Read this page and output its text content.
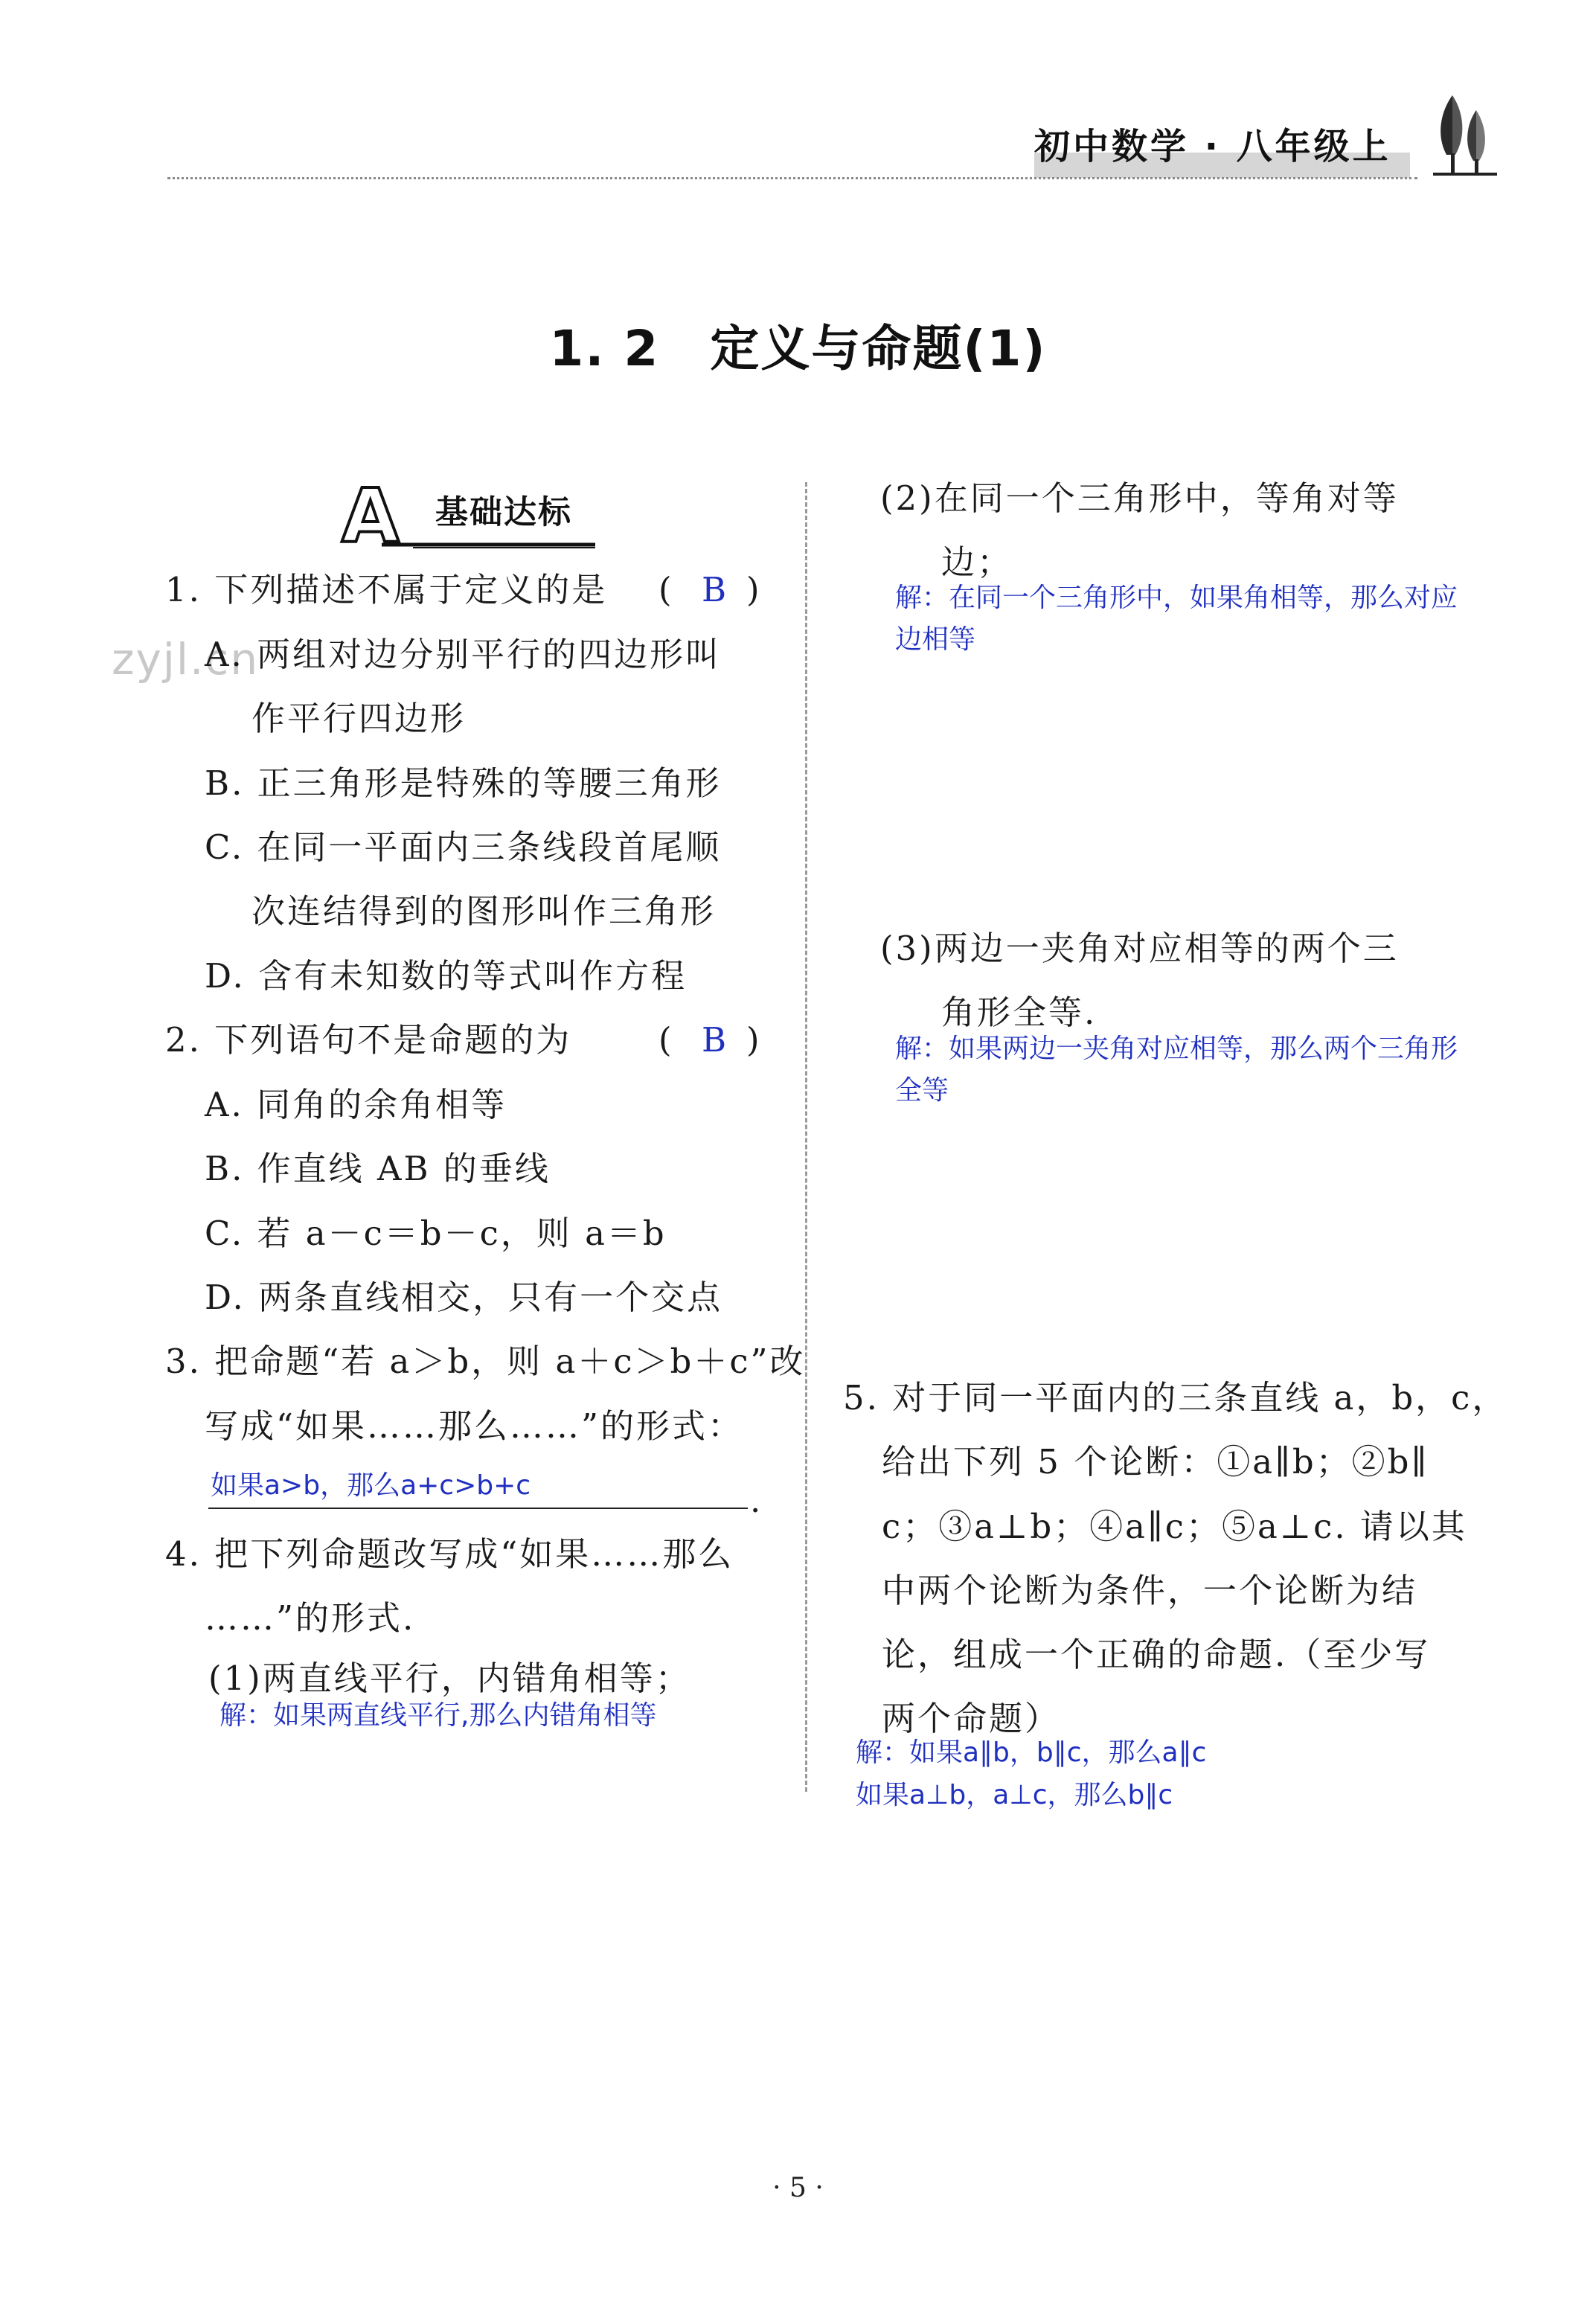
初中数学 · 八年级上
1. 2　定义与命题(1)
A 基础达标
zyjl.cn
1. 下列描述不属于定义的是 ( B )
A. 两组对边分别平行的四边形叫
作平行四边形
B. 正三角形是特殊的等腰三角形
C. 在同一平面内三条线段首尾顺
次连结得到的图形叫作三角形
D. 含有未知数的等式叫作方程
2. 下列语句不是命题的为	( B )
A. 同角的余角相等
B. 作直线 AB 的垂线
C. 若 a－c＝b－c，则 a＝b
D. 两条直线相交，只有一个交点
3. 把命题“若 a＞b，则 a＋c＞b＋c”改
写成“如果……那么……”的形式：
如果a>b，那么a+c>b+c	.
4. 把下列命题改写成“如果……那么
……”的形式.
(1)两直线平行，内错角相等；
解：如果两直线平行,那么内错角相等
(2)在同一个三角形中，等角对等
边；
解：在同一个三角形中，如果角相等，那么对应
边相等
(3)两边一夹角对应相等的两个三
角形全等.
解：如果两边一夹角对应相等，那么两个三角形
全等
5. 对于同一平面内的三条直线 a，b，c，
给出下列 5 个论断：①a∥b；②b∥
c；③a⊥b；④a∥c；⑤a⊥c. 请以其
中两个论断为条件，一个论断为结
论，组成一个正确的命题.（至少写
两个命题）
解：如果a∥b，b∥c，那么a∥c
如果a⊥b，a⊥c，那么b∥c
· 5 ·
